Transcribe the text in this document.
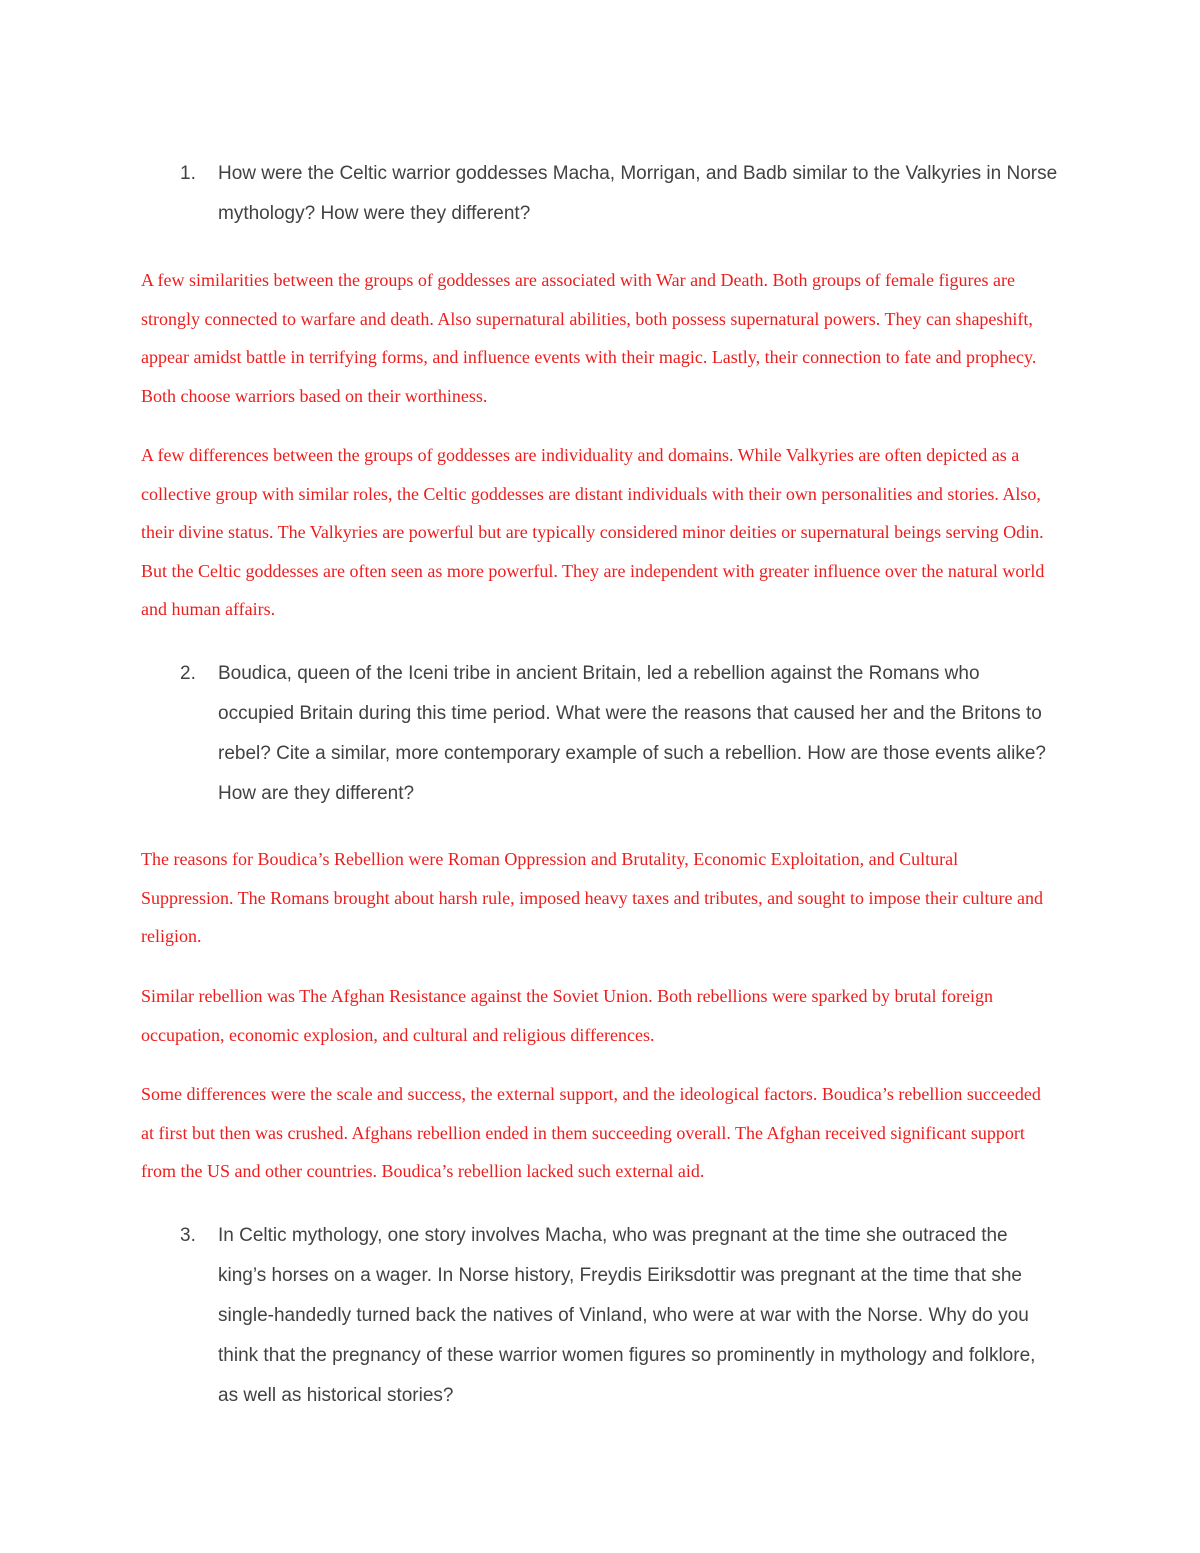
1.	How were the Celtic warrior goddesses Macha, Morrigan, and Badb similar to the Valkyries in Norse mythology? How were they different?

A few similarities between the groups of goddesses are associated with War and Death. Both groups of female figures are strongly connected to warfare and death. Also supernatural abilities, both possess supernatural powers. They can shapeshift, appear amidst battle in terrifying forms, and influence events with their magic. Lastly, their connection to fate and prophecy. Both choose warriors based on their worthiness.

A few differences between the groups of goddesses are individuality and domains. While Valkyries are often depicted as a collective group with similar roles, the Celtic goddesses are distant individuals with their own personalities and stories. Also, their divine status. The Valkyries are powerful but are typically considered minor deities or supernatural beings serving Odin. But the Celtic goddesses are often seen as more powerful. They are independent with greater influence over the natural world and human affairs.

2.	Boudica, queen of the Iceni tribe in ancient Britain, led a rebellion against the Romans who occupied Britain during this time period. What were the reasons that caused her and the Britons to rebel? Cite a similar, more contemporary example of such a rebellion. How are those events alike? How are they different?

The reasons for Boudica’s Rebellion were Roman Oppression and Brutality, Economic Exploitation, and Cultural Suppression. The Romans brought about harsh rule, imposed heavy taxes and tributes, and sought to impose their culture and religion.

Similar rebellion was The Afghan Resistance against the Soviet Union. Both rebellions were sparked by brutal foreign occupation, economic explosion, and cultural and religious differences.

Some differences were the scale and success, the external support, and the ideological factors. Boudica’s rebellion succeeded at first but then was crushed. Afghans rebellion ended in them succeeding overall. The Afghan received significant support from the US and other countries. Boudica’s rebellion lacked such external aid.

3.	In Celtic mythology, one story involves Macha, who was pregnant at the time she outraced the king’s horses on a wager. In Norse history, Freydis Eiriksdottir was pregnant at the time that she single-handedly turned back the natives of Vinland, who were at war with the Norse. Why do you think that the pregnancy of these warrior women figures so prominently in mythology and folklore, as well as historical stories?
